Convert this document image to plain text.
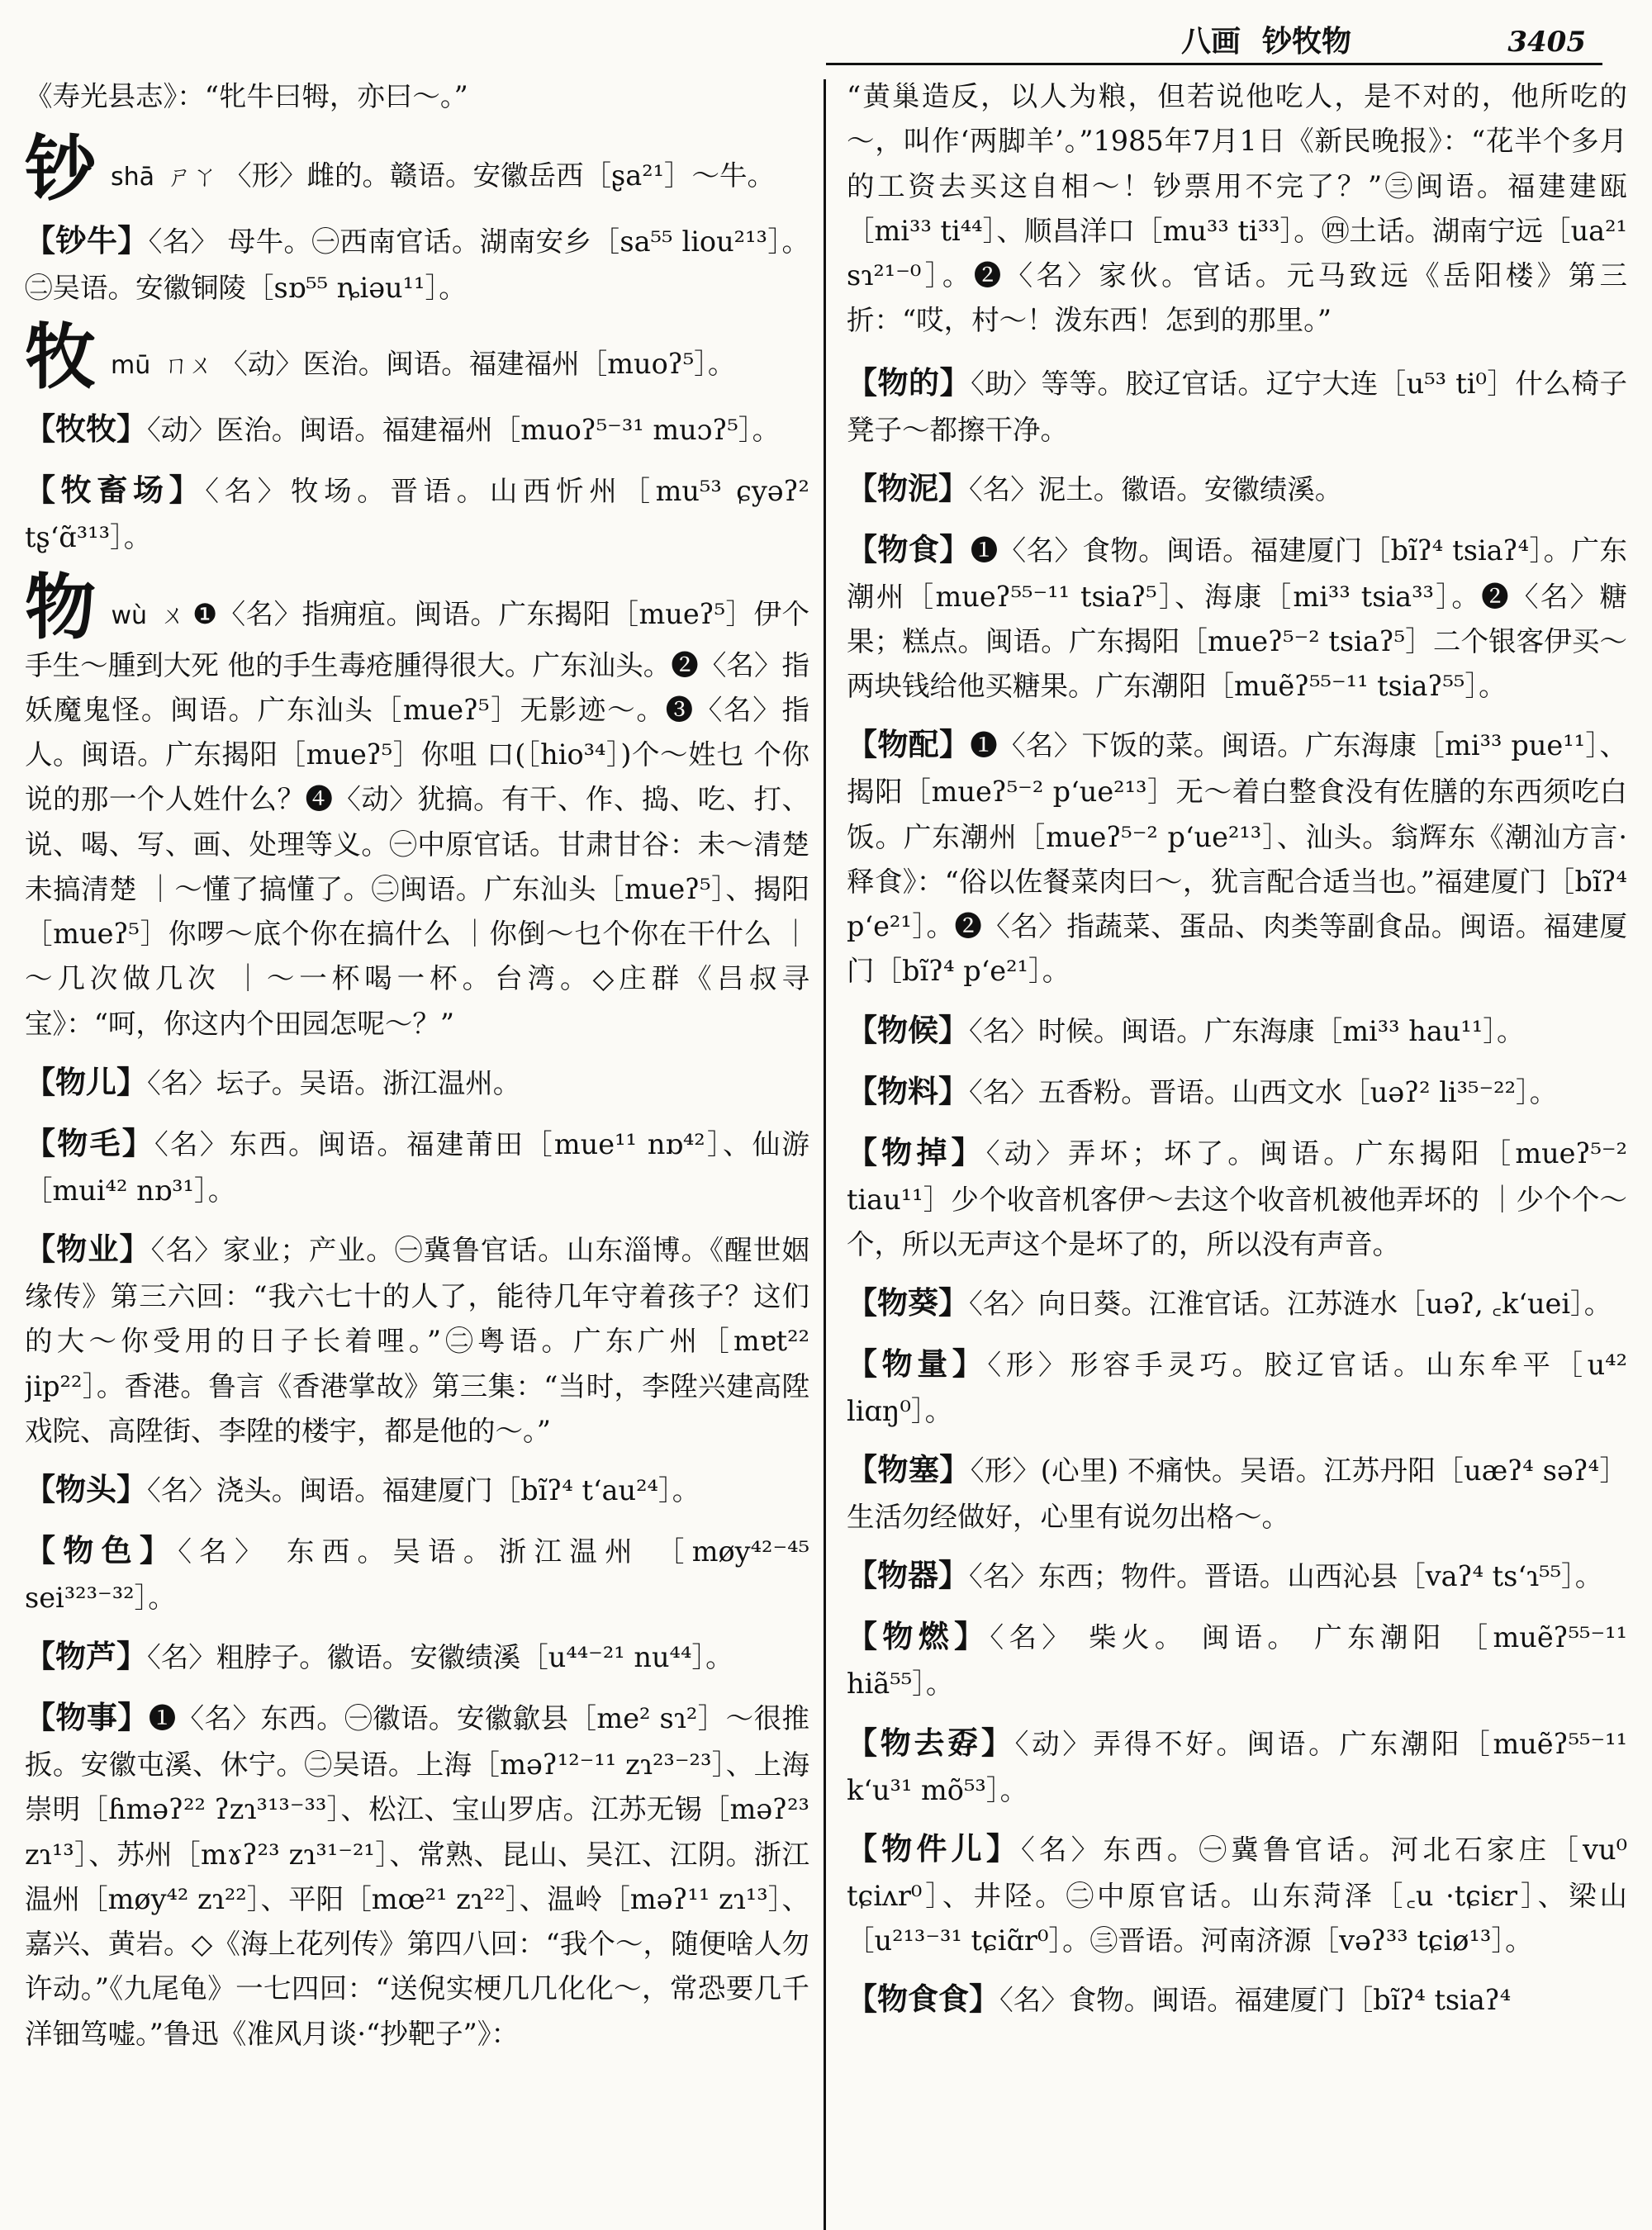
八画 钞牧物	3405
《寿光县志》：“牝牛曰牳，亦曰～。”
钞shā ㄕㄚ 〈形〉雌的。赣语。安徽岳西［ʂa²¹］～牛。
【钞牛】〈名〉 母牛。㊀西南官话。湖南安乡［sa⁵⁵ liou²¹³］。㊁吴语。安徽铜陵［sɒ⁵⁵ ȵiəu¹¹］。
牧mū ㄇㄨ 〈动〉医治。闽语。福建福州［muoʔ⁵］。
【牧牧】〈动〉医治。闽语。福建福州［muoʔ⁵⁻³¹ muɔʔ⁵］。
【牧畜场】〈名〉牧场。晋语。山西忻州［mu⁵³ ɕyəʔ² tʂʻɑ̃³¹³］。
物wù ㄨ ❶〈名〉指痈疽。闽语。广东揭阳［mueʔ⁵］伊个手生～腫到大死 他的手生毒疮腫得很大。广东汕头。❷〈名〉指妖魔鬼怪。闽语。广东汕头［mueʔ⁵］无影迹～。❸〈名〉指人。闽语。广东揭阳［mueʔ⁵］你咀 口(［hio³⁴］)个～姓乜 个你说的那一个人姓什么？❹〈动〉犹搞。有干、作、捣、吃、打、说、喝、写、画、处理等义。㊀中原官话。甘肃甘谷：未～清楚未搞清楚 ｜～懂了搞懂了。㊁闽语。广东汕头［mueʔ⁵］、揭阳［mueʔ⁵］你啰～底个你在搞什么 ｜你倒～乜个你在干什么 ｜～几次做几次 ｜～一杯喝一杯。台湾。◇庄群《吕叔寻宝》：“呵，你这内个田园怎呢～？”
【物儿】〈名〉坛子。吴语。浙江温州。
【物毛】〈名〉东西。闽语。福建莆田［mue¹¹ nɒ⁴²］、仙游［mui⁴² nɒ³¹］。
【物业】〈名〉家业；产业。㊀冀鲁官话。山东淄博。《醒世姻缘传》第三六回：“我六七十的人了，能待几年守着孩子？这们的大～你受用的日子长着哩。”㊁粤语。广东广州［mɐt²² jip²²］。香港。鲁言《香港掌故》第三集：“当时，李陞兴建高陞戏院、高陞街、李陞的楼宇，都是他的～。”
【物头】〈名〉浇头。闽语。福建厦门［bĩʔ⁴ tʻau²⁴］。
【物色】〈名〉 东西。吴语。浙江温州 ［møy⁴²⁻⁴⁵ sei³²³⁻³²］。
【物芦】〈名〉粗脖子。徽语。安徽绩溪［u⁴⁴⁻²¹ nu⁴⁴］。
【物事】❶〈名〉东西。㊀徽语。安徽歙县［me² sɿ²］～很推扳。安徽屯溪、休宁。㊁吴语。上海［məʔ¹²⁻¹¹ zɿ²³⁻²³］、上海崇明［ɦməʔ²² ʔzɿ³¹³⁻³³］、松江、宝山罗店。江苏无锡［məʔ²³ zɿ¹³］、苏州［mɤʔ²³ zɿ³¹⁻²¹］、常熟、昆山、吴江、江阴。浙江温州［møy⁴² zɿ²²］、平阳［mœ²¹ zɿ²²］、温岭［məʔ¹¹ zɿ¹³］、嘉兴、黄岩。◇《海上花列传》第四八回：“我个～，随便啥人勿许动。”《九尾龟》一七四回：“送倪实梗几几化化～，常恐要几千洋钿笃嘘。”鲁迅《准风月谈·“抄靶子”》：
“黄巢造反，以人为粮，但若说他吃人，是不对的，他所吃的～，叫作‘两脚羊’。”1985年7月1日《新民晚报》：“花半个多月的工资去买这自相～！钞票用不完了？”㊂闽语。福建建瓯［mi³³ ti⁴⁴］、顺昌洋口［mu³³ ti³³］。㊃土话。湖南宁远［ua²¹ sɿ²¹⁻⁰］。❷〈名〉家伙。官话。元马致远《岳阳楼》第三折：“哎，村～！泼东西！怎到的那里。”
【物的】〈助〉等等。胶辽官话。辽宁大连［u⁵³ ti⁰］什么椅子凳子～都擦干净。
【物泥】〈名〉泥土。徽语。安徽绩溪。
【物食】❶〈名〉食物。闽语。福建厦门［bĩʔ⁴ tsiaʔ⁴］。广东潮州［mueʔ⁵⁵⁻¹¹ tsiaʔ⁵］、海康［mi³³ tsia³³］。❷〈名〉糖果；糕点。闽语。广东揭阳［mueʔ⁵⁻² tsiaʔ⁵］二个银客伊买～两块钱给他买糖果。广东潮阳［muẽʔ⁵⁵⁻¹¹ tsiaʔ⁵⁵］。
【物配】❶〈名〉下饭的菜。闽语。广东海康［mi³³ pue¹¹］、揭阳［mueʔ⁵⁻² pʻue²¹³］无～着白整食没有佐膳的东西须吃白饭。广东潮州［mueʔ⁵⁻² pʻue²¹³］、汕头。翁辉东《潮汕方言·释食》：“俗以佐餐菜肉曰～，犹言配合适当也。”福建厦门［bĩʔ⁴ pʻe²¹］。❷〈名〉指蔬菜、蛋品、肉类等副食品。闽语。福建厦门［bĩʔ⁴ pʻe²¹］。
【物候】〈名〉时候。闽语。广东海康［mi³³ hau¹¹］。
【物料】〈名〉五香粉。晋语。山西文水［uəʔ² li³⁵⁻²²］。
【物掉】〈动〉弄坏；坏了。闽语。广东揭阳［mueʔ⁵⁻² tiau¹¹］少个收音机客伊～去这个收音机被他弄坏的 ｜少个个～个，所以无声这个是坏了的，所以没有声音。
【物葵】〈名〉向日葵。江淮官话。江苏涟水［uəʔ, ꜀kʻuei］。
【物量】〈形〉形容手灵巧。胶辽官话。山东牟平［u⁴² liɑŋ⁰］。
【物塞】〈形〉(心里) 不痛快。吴语。江苏丹阳［uæʔ⁴ səʔ⁴］生活勿经做好，心里有说勿出格～。
【物器】〈名〉东西；物件。晋语。山西沁县［vaʔ⁴ tsʻɿ⁵⁵］。
【物燃】〈名〉 柴火。 闽语。 广东潮阳 ［muẽʔ⁵⁵⁻¹¹ hiã⁵⁵］。
【物去孬】〈动〉弄得不好。闽语。广东潮阳［muẽʔ⁵⁵⁻¹¹ kʻu³¹ mõ⁵³］。
【物件儿】〈名〉东西。㊀冀鲁官话。河北石家庄［vu⁰ tɕiʌr⁰］、井陉。㊁中原官话。山东菏泽［꜀u ·tɕiɛr］、梁山［u²¹³⁻³¹ tɕiɑ̃r⁰］。㊂晋语。河南济源［vəʔ³³ tɕiø¹³］。
【物食食】〈名〉食物。闽语。福建厦门［bĩʔ⁴ tsiaʔ⁴
